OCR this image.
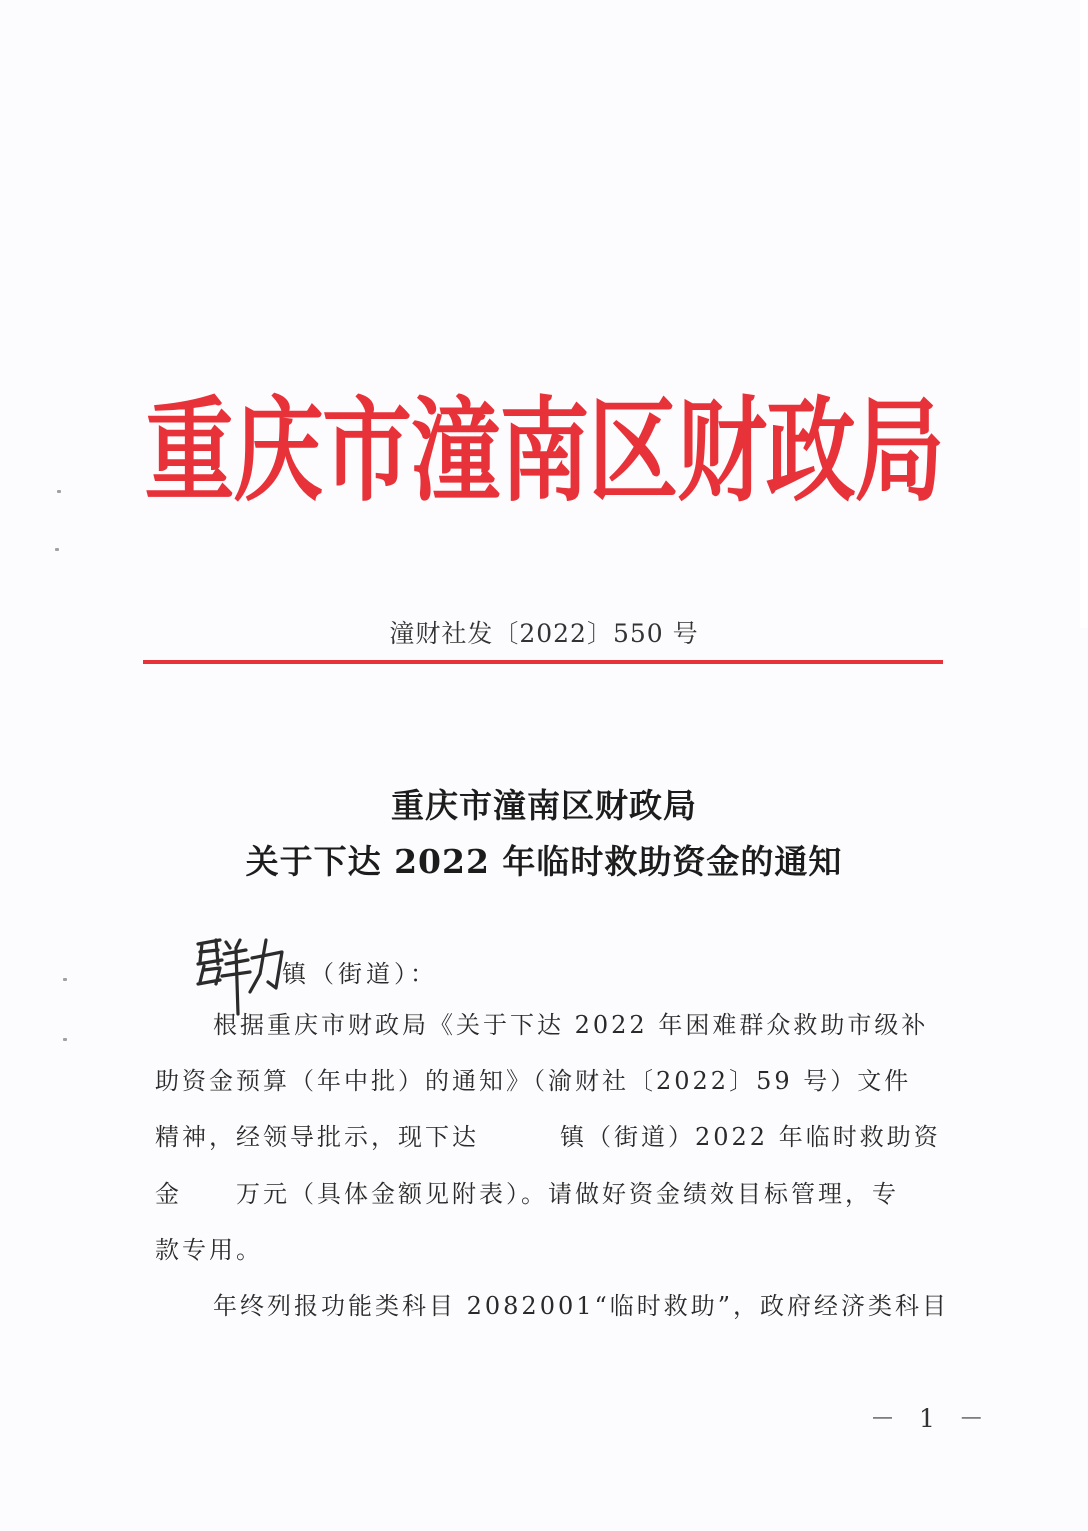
重庆市潼南区财政局
潼财社发〔2022〕550 号
重庆市潼南区财政局
关于下达 2022 年临时救助资金的通知
镇（街道）：
根据重庆市财政局《关于下达 2022 年困难群众救助市级补
助资金预算（年中批）的通知》（渝财社〔2022〕59 号）文件
精神，经领导批示，现下达　　　镇（街道）2022 年临时救助资
金　　万元（具体金额见附表）。请做好资金绩效目标管理，专
款专用。
年终列报功能类科目 2082001“临时救助”，政府经济类科目
－ 1 －
